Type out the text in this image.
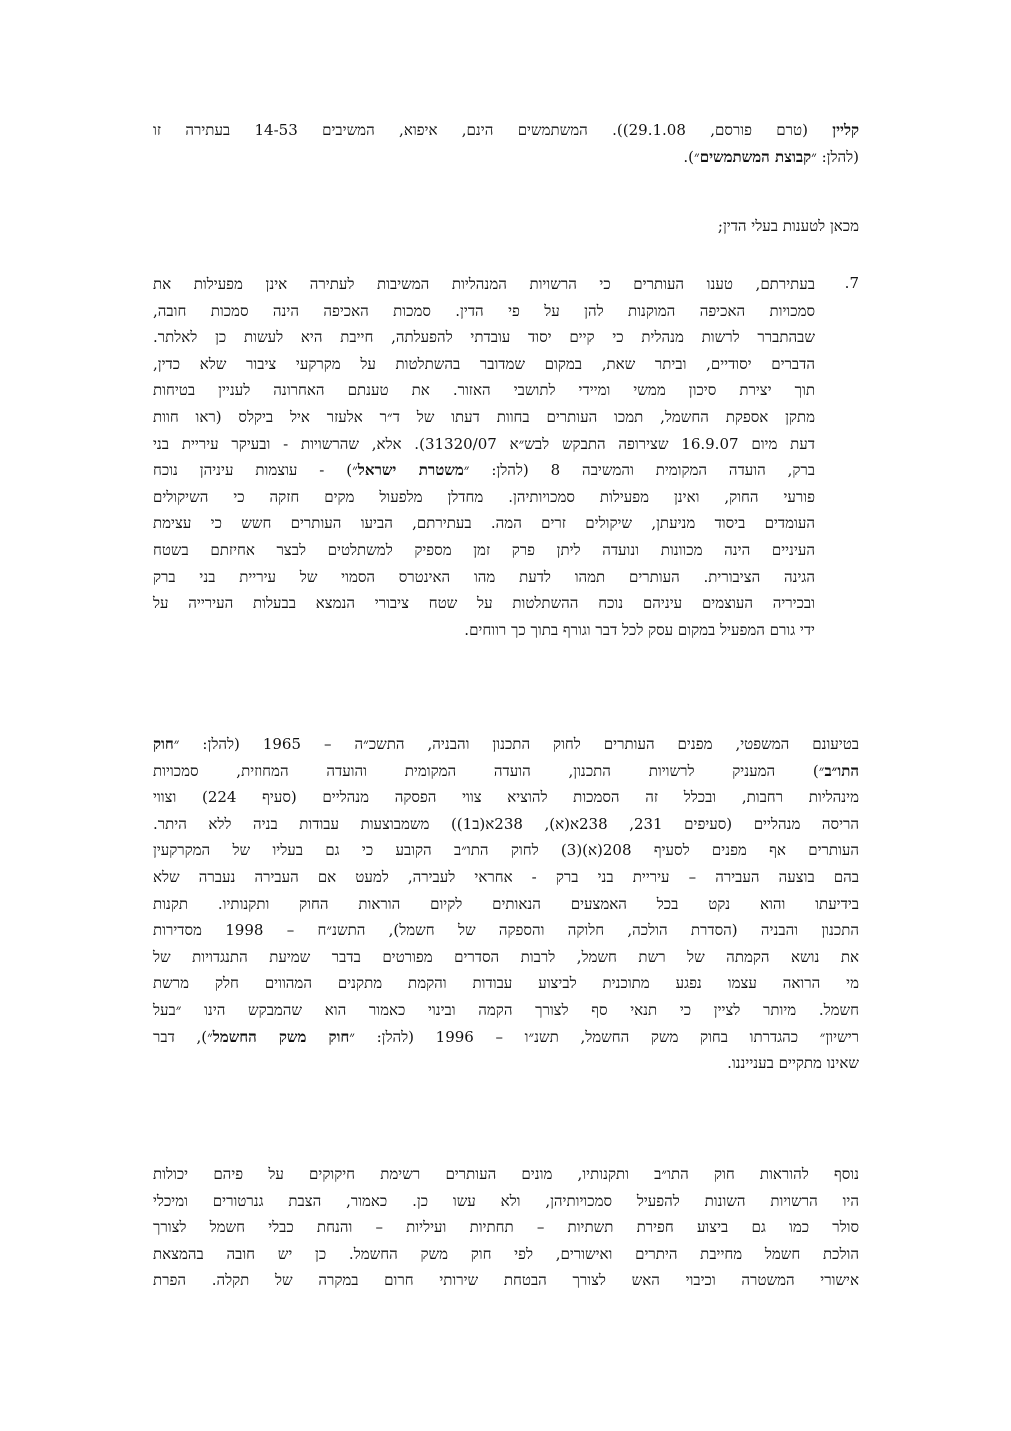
קליין (טרם פורסם, 29.1.08)). המשתמשים הינם, איפוא, המשיבים 14-53 בעתירה זו
(להלן: ״קבוצת המשתמשים״).
מכאן לטענות בעלי הדין;
7.
בעתירתם, טענו העותרים כי הרשויות המנהליות המשיבות לעתירה אינן מפעילות את
סמכויות האכיפה המוקנות להן על פי הדין. סמכות האכיפה הינה סמכות חובה,
שבהתברר לרשות מנהלית כי קיים יסוד עובדתי להפעלתה, חייבת היא לעשות כן לאלתר.
הדברים יסודיים, וביתר שאת, במקום שמדובר בהשתלטות על מקרקעי ציבור שלא כדין,
תוך יצירת סיכון ממשי ומיידי לתושבי האזור. את טענתם האחרונה לעניין בטיחות
מתקן אספקת החשמל, תמכו העותרים בחוות דעתו של ד״ר אלעזר איל ביקלס (ראו חוות
דעת מיום 16.9.07 שצירופה התבקש לבש״א 31320/07). אלא, שהרשויות - ובעיקר עיריית בני
ברק, הועדה המקומית והמשיבה 8 (להלן: ״משטרת ישראל״) - עוצמות עיניהן נוכח
פורעי החוק, ואינן מפעילות סמכויותיהן. מחדלן מלפעול מקים חזקה כי השיקולים
העומדים ביסוד מניעתן, שיקולים זרים המה. בעתירתם, הביעו העותרים חשש כי עצימת
העיניים הינה מכוונות ונועדה ליתן פרק זמן מספיק למשתלטים לבצר אחיזתם בשטח
הגינה הציבורית. העותרים תמהו לדעת מהו האינטרס הסמוי של עיריית בני ברק
ובכיריה העוצמים עיניהם נוכח ההשתלטות על שטח ציבורי הנמצא בבעלות העירייה על
ידי גורם המפעיל במקום עסק לכל דבר וגורף בתוך כך רווחים.
בטיעונם המשפטי, מפנים העותרים לחוק התכנון והבניה, התשכ״ה – 1965 (להלן: ״חוק
התו״ב״) המעניק לרשויות התכנון, הועדה המקומית והועדה המחוזית, סמכויות
מינהליות רחבות, ובכלל זה הסמכות להוציא צווי הפסקה מנהליים (סעיף 224) וצווי
הריסה מנהליים (סעיפים 231, 238א(א), 238א(ב1)) משמבוצעות עבודות בניה ללא היתר.
העותרים אף מפנים לסעיף 208(א)(3) לחוק התו״ב הקובע כי גם בעליו של המקרקעין
בהם בוצעה העבירה – עיריית בני ברק - אחראי לעבירה, למעט אם העבירה נעברה שלא
בידיעתו והוא נקט בכל האמצעים הנאותים לקיום הוראות החוק ותקנותיו. תקנות
התכנון והבניה (הסדרת הולכה, חלוקה והספקה של חשמל), התשנ״ח – 1998 מסדירות
את נושא הקמתה של רשת חשמל, לרבות הסדרים מפורטים בדבר שמיעת התנגדויות של
מי הרואה עצמו נפגע מתוכנית לביצוע עבודות והקמת מתקנים המהווים חלק מרשת
חשמל. מיותר לציין כי תנאי סף לצורך הקמה ובינוי כאמור הוא שהמבקש הינו ״בעל
רישיון״ כהגדרתו בחוק משק החשמל, תשנ״ו – 1996 (להלן: ״חוק משק החשמל״), דבר
שאינו מתקיים בענייננו.
נוסף להוראות חוק התו״ב ותקנותיו, מונים העותרים רשימת חיקוקים על פיהם יכולות
היו הרשויות השונות להפעיל סמכויותיהן, ולא עשו כן. כאמור, הצבת גנרטורים ומיכלי
סולר כמו גם ביצוע חפירת תשתיות – תחתיות ועיליות – והנחת כבלי חשמל לצורך
הולכת חשמל מחייבת היתרים ואישורים, לפי חוק משק החשמל. כן יש חובה בהמצאת
אישורי המשטרה וכיבוי האש לצורך הבטחת שירותי חרום במקרה של תקלה. הפרת
